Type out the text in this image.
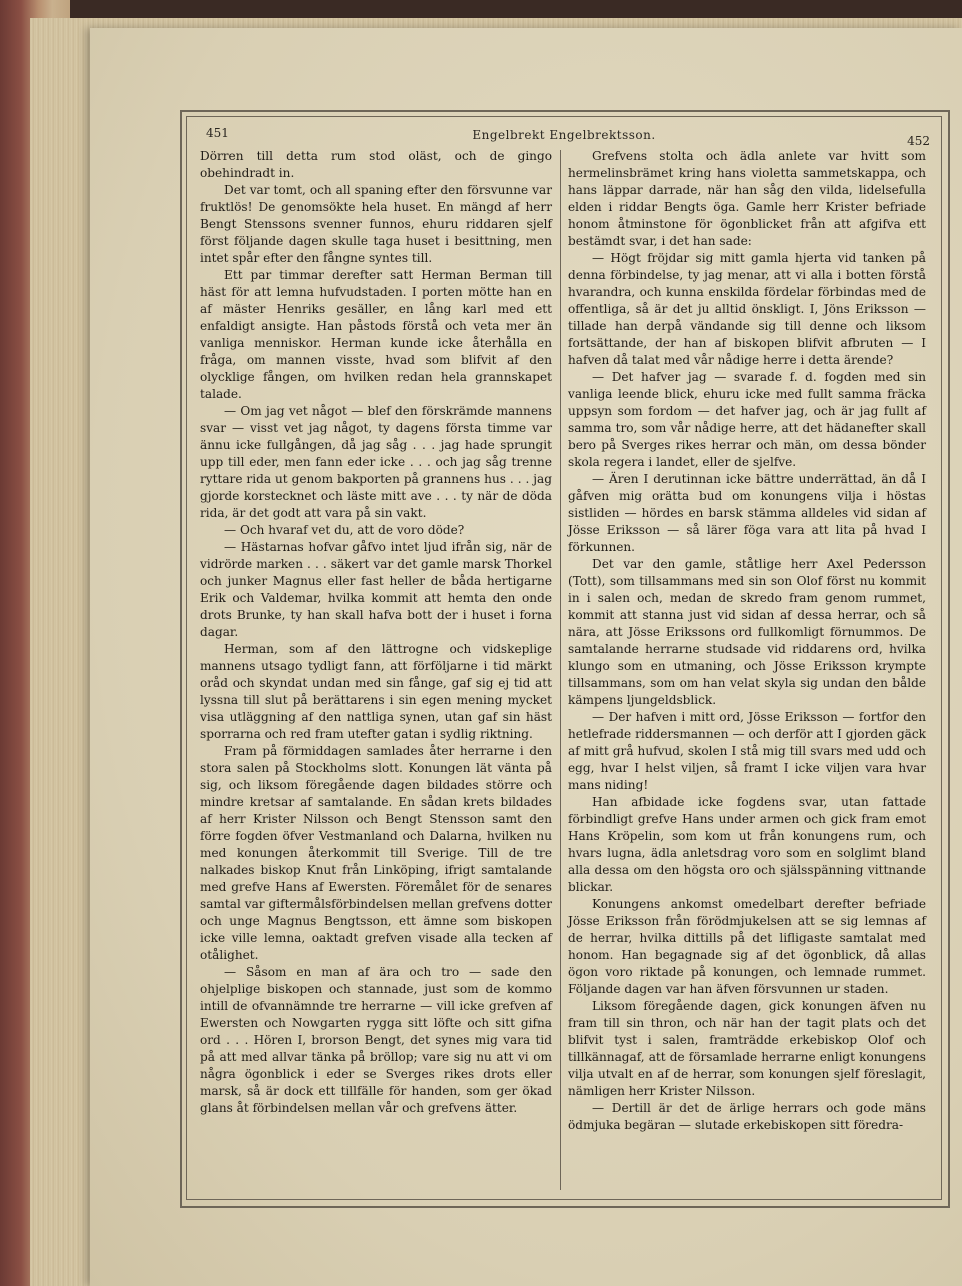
451	Engelbrekt Engelbrektsson.	452

Dörren till detta rum stod oläst, och de gingo obehindradt in.

Det var tomt, och all spaning efter den försvunne var fruktlös! De genomsökte hela huset. En mängd af herr Bengt Stenssons svenner funnos, ehuru riddaren sjelf först följande dagen skulle taga huset i besittning, men intet spår efter den fångne syntes till.

Ett par timmar derefter satt Herman Berman till häst för att lemna hufvudstaden. I porten mötte han en af mäster Henriks gesäller, en lång karl med ett enfaldigt ansigte. Han påstods förstå och veta mer än vanliga menniskor. Herman kunde icke återhålla en fråga, om mannen visste, hvad som blifvit af den olycklige fången, om hvilken redan hela grannskapet talade.

— Om jag vet något — blef den förskrämde mannens svar — visst vet jag något, ty dagens första timme var ännu icke fullgången, då jag såg . . . jag hade sprungit upp till eder, men fann eder icke . . . och jag såg trenne ryttare rida ut genom bakporten på grannens hus . . . jag gjorde korstecknet och läste mitt ave . . . ty när de döda rida, är det godt att vara på sin vakt.

— Och hvaraf vet du, att de voro döde?

— Hästarnas hofvar gåfvo intet ljud ifrån sig, när de vidrörde marken . . . säkert var det gamle marsk Thorkel och junker Magnus eller fast heller de båda hertigarne Erik och Valdemar, hvilka kommit att hemta den onde drots Brunke, ty han skall hafva bott der i huset i forna dagar.

Herman, som af den lättrogne och vidskeplige mannens utsago tydligt fann, att förföljarne i tid märkt oråd och skyndat undan med sin fånge, gaf sig ej tid att lyssna till slut på berättarens i sin egen mening mycket visa utläggning af den nattliga synen, utan gaf sin häst sporrarna och red fram utefter gatan i sydlig riktning.

Fram på förmiddagen samlades åter herrarne i den stora salen på Stockholms slott. Konungen lät vänta på sig, och liksom föregående dagen bildades större och mindre kretsar af samtalande. En sådan krets bildades af herr Krister Nilsson och Bengt Stensson samt den förre fogden öfver Vestmanland och Dalarna, hvilken nu med konungen återkommit till Sverige. Till de tre nalkades biskop Knut från Linköping, ifrigt samtalande med grefve Hans af Ewersten. Föremålet för de senares samtal var giftermålsförbindelsen mellan grefvens dotter och unge Magnus Bengtsson, ett ämne som biskopen icke ville lemna, oaktadt grefven visade alla tecken af otålighet.

— Såsom en man af ära och tro — sade den ohjelplige biskopen och stannade, just som de kommo intill de ofvannämnde tre herrarne — vill icke grefven af Ewersten och Nowgarten rygga sitt löfte och sitt gifna ord . . . Hören I, brorson Bengt, det synes mig vara tid på att med allvar tänka på bröllop; vare sig nu att vi om några ögonblick i eder se Sverges rikes drots eller marsk, så är dock ett tillfälle för handen, som ger ökad glans åt förbindelsen mellan vår och grefvens ätter.

Grefvens stolta och ädla anlete var hvitt som hermelinsbrämet kring hans violetta sammetskappa, och hans läppar darrade, när han såg den vilda, lidelsefulla elden i riddar Bengts öga. Gamle herr Krister befriade honom åtminstone för ögonblicket från att afgifva ett bestämdt svar, i det han sade:

— Högt fröjdar sig mitt gamla hjerta vid tanken på denna förbindelse, ty jag menar, att vi alla i botten förstå hvarandra, och kunna enskilda fördelar förbindas med de offentliga, så är det ju alltid önskligt. I, Jöns Eriksson — tillade han derpå vändande sig till denne och liksom fortsättande, der han af biskopen blifvit afbruten — I hafven då talat med vår nådige herre i detta ärende?

— Det hafver jag — svarade f. d. fogden med sin vanliga leende blick, ehuru icke med fullt samma fräcka uppsyn som fordom — det hafver jag, och är jag fullt af samma tro, som vår nådige herre, att det hädanefter skall bero på Sverges rikes herrar och män, om dessa bönder skola regera i landet, eller de sjelfve.

— Ären I derutinnan icke bättre underrättad, än då I gåfven mig orätta bud om konungens vilja i höstas sistliden — hördes en barsk stämma alldeles vid sidan af Jösse Eriksson — så lärer föga vara att lita på hvad I förkunnen.

Det var den gamle, ståtlige herr Axel Pedersson (Tott), som tillsammans med sin son Olof först nu kommit in i salen och, medan de skredo fram genom rummet, kommit att stanna just vid sidan af dessa herrar, och så nära, att Jösse Erikssons ord fullkomligt förnummos. De samtalande herrarne studsade vid riddarens ord, hvilka klungo som en utmaning, och Jösse Eriksson krympte tillsammans, som om han velat skyla sig undan den bålde kämpens ljungeldsblick.

— Der hafven i mitt ord, Jösse Eriksson — fortfor den hetlefrade riddersmannen — och derför att I gjorden gäck af mitt grå hufvud, skolen I stå mig till svars med udd och egg, hvar I helst viljen, så framt I icke viljen vara hvar mans niding!

Han afbidade icke fogdens svar, utan fattade förbindligt grefve Hans under armen och gick fram emot Hans Kröpelin, som kom ut från konungens rum, och hvars lugna, ädla anletsdrag voro som en solglimt bland alla dessa om den högsta oro och själsspänning vittnande blickar.

Konungens ankomst omedelbart derefter befriade Jösse Eriksson från förödmjukelsen att se sig lemnas af de herrar, hvilka dittills på det lifligaste samtalat med honom. Han begagnade sig af det ögonblick, då allas ögon voro riktade på konungen, och lemnade rummet. Följande dagen var han äfven försvunnen ur staden.

Liksom föregående dagen, gick konungen äfven nu fram till sin thron, och när han der tagit plats och det blifvit tyst i salen, framträdde erkebiskop Olof och tillkännagaf, att de församlade herrarne enligt konungens vilja utvalt en af de herrar, som konungen sjelf föreslagit, nämligen herr Krister Nilsson.

— Dertill är det de ärlige herrars och gode mäns ödmjuka begäran — slutade erkebiskopen sitt föredra-
